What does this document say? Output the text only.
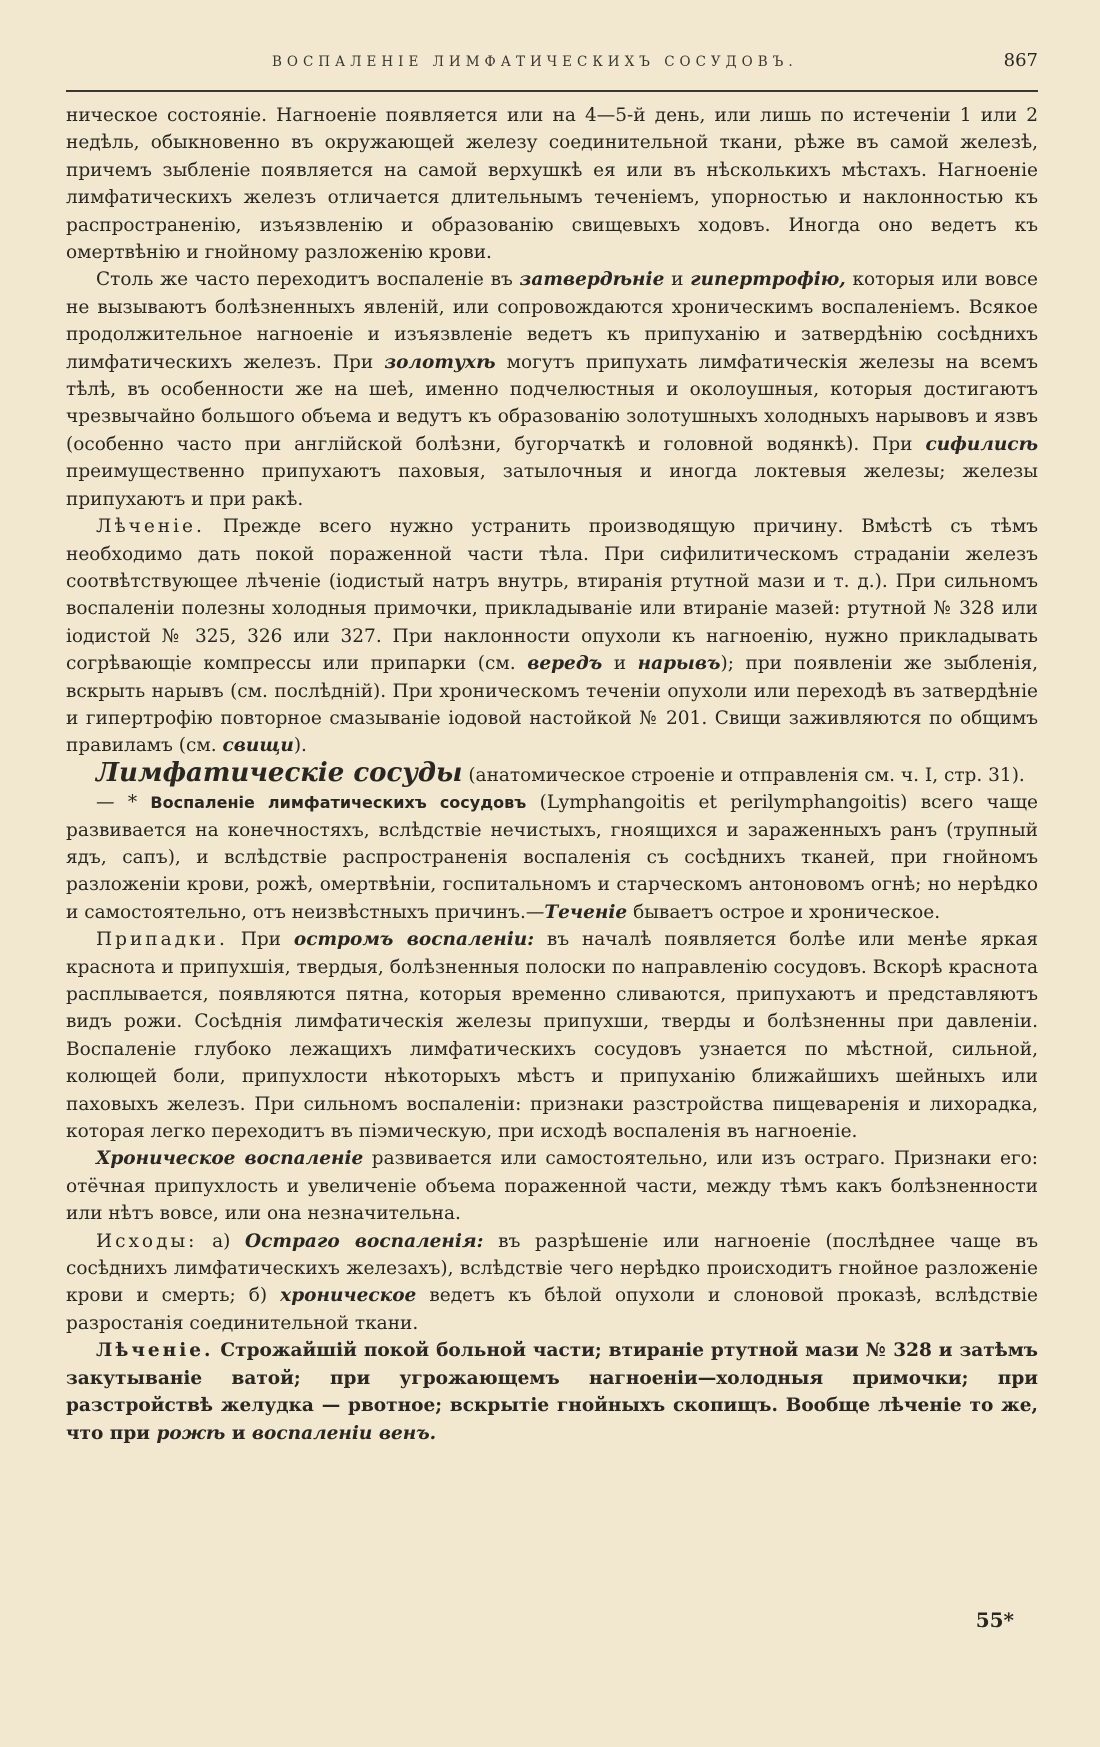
ВОСПАЛЕНІЕ ЛИМФАТИЧЕСКИХЪ СОСУДОВЪ.	867

ническое состояніе. Нагноеніе появляется или на 4—5-й день, или лишь по истеченіи 1 или 2 недѣль, обыкновенно въ окружающей железу соединительной ткани, рѣже въ самой железѣ, причемъ зыбленіе появляется на самой верхушкѣ ея или въ нѣсколькихъ мѣстахъ. Нагноеніе лимфатическихъ железъ отличается длительнымъ теченіемъ, упорностью и наклонностью къ распространенію, изъязвленію и образованію свищевыхъ ходовъ. Иногда оно ведетъ къ омертвѣнію и гнойному разложенію крови.

Столь же часто переходитъ воспаленіе въ затвердѣніе и гипертрофію, которыя или вовсе не вызываютъ болѣзненныхъ явленій, или сопровождаются хроническимъ воспаленіемъ. Всякое продолжительное нагноеніе и изъязвленіе ведетъ къ припуханію и затвердѣнію сосѣднихъ лимфатическихъ железъ. При золотухѣ могутъ припухать лимфатическія железы на всемъ тѣлѣ, въ особенности же на шеѣ, именно подчелюстныя и околоушныя, которыя достигаютъ чрезвычайно большого объема и ведутъ къ образованію золотушныхъ холодныхъ нарывовъ и язвъ (особенно часто при англійской болѣзни, бугорчаткѣ и головной водянкѣ). При сифилисѣ преимущественно припухаютъ паховыя, затылочныя и иногда локтевыя железы; железы припухаютъ и при ракѣ.

Лѣченіе. Прежде всего нужно устранить производящую причину. Вмѣстѣ съ тѣмъ необходимо дать покой пораженной части тѣла. При сифилитическомъ страданіи железъ соотвѣтствующее лѣченіе (іодистый натръ внутрь, втиранія ртутной мази и т. д.). При сильномъ воспаленіи полезны холодныя примочки, прикладываніе или втираніе мазей: ртутной № 328 или іодистой № 325, 326 или 327. При наклонности опухоли къ нагноенію, нужно прикладывать согрѣвающіе компрессы или припарки (см. вередъ и нарывъ); при появленіи же зыбленія, вскрыть нарывъ (см. послѣдній). При хроническомъ теченіи опухоли или переходѣ въ затвердѣніе и гипертрофію повторное смазываніе іодовой настойкой № 201. Свищи заживляются по общимъ правиламъ (см. свищи).

Лимфатическіе сосуды (анатомическое строеніе и отправленія см. ч. I, стр. 31).

— * Воспаленіе лимфатическихъ сосудовъ (Lymphangoitis et perilymphangoitis) всего чаще развивается на конечностяхъ, вслѣдствіе нечистыхъ, гноящихся и зараженныхъ ранъ (трупный ядъ, сапъ), и вслѣдствіе распространенія воспаленія съ сосѣднихъ тканей, при гнойномъ разложеніи крови, рожѣ, омертвѣніи, госпитальномъ и старческомъ антоновомъ огнѣ; но нерѣдко и самостоятельно, отъ неизвѣстныхъ причинъ.—Теченіе бываетъ острое и хроническое.

Припадки. При остромъ воспаленіи: въ началѣ появляется болѣе или менѣе яркая краснота и припухшія, твердыя, болѣзненныя полоски по направленію сосудовъ. Вскорѣ краснота расплывается, появляются пятна, которыя временно сливаются, припухаютъ и представляютъ видъ рожи. Сосѣднія лимфатическія железы припухши, тверды и болѣзненны при давленіи. Воспаленіе глубоко лежащихъ лимфатическихъ сосудовъ узнается по мѣстной, сильной, колющей боли, припухлости нѣкоторыхъ мѣстъ и припуханію ближайшихъ шейныхъ или паховыхъ железъ. При сильномъ воспаленіи: признаки разстройства пищеваренія и лихорадка, которая легко переходитъ въ піэмическую, при исходѣ воспаленія въ нагноеніе.

Хроническое воспаленіе развивается или самостоятельно, или изъ остраго. Признаки его: отёчная припухлость и увеличеніе объема пораженной части, между тѣмъ какъ болѣзненности или нѣтъ вовсе, или она незначительна.

Исходы: а) Остраго воспаленія: въ разрѣшеніе или нагноеніе (послѣднее чаще въ сосѣднихъ лимфатическихъ железахъ), вслѣдствіе чего нерѣдко происходитъ гнойное разложеніе крови и смерть; б) хроническое ведетъ къ бѣлой опухоли и слоновой проказѣ, вслѣдствіе разростанія соединительной ткани.

Лѣченіе. Строжайшій покой больной части; втираніе ртутной мази № 328 и затѣмъ закутываніе ватой; при угрожающемъ нагноеніи—холодныя примочки; при разстройствѣ желудка — рвотное; вскрытіе гнойныхъ скопищъ. Вообще лѣченіе то же, что при рожѣ и воспаленіи венъ.

55*
